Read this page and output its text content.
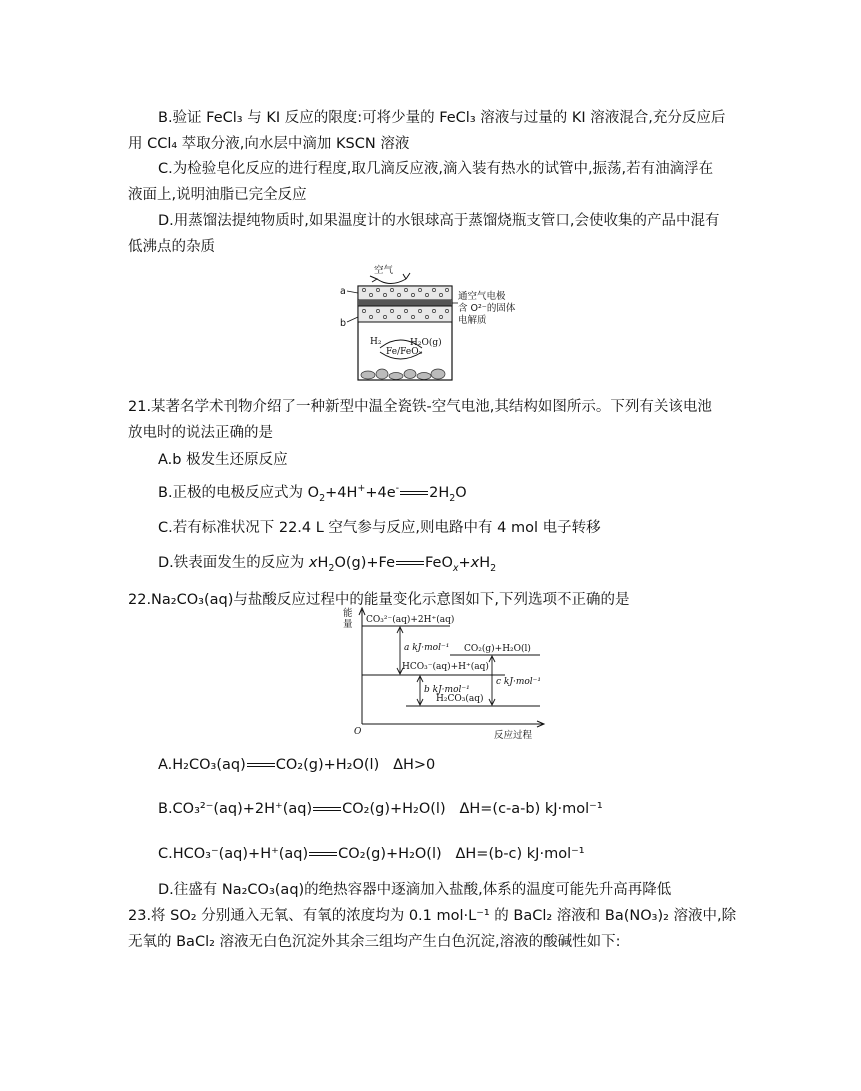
B.验证 FeCl₃ 与 KI 反应的限度:可将少量的 FeCl₃ 溶液与过量的 KI 溶液混合,充分反应后
用 CCl₄ 萃取分液,向水层中滴加 KSCN 溶液
C.为检验皂化反应的进行程度,取几滴反应液,滴入装有热水的试管中,振荡,若有油滴浮在
液面上,说明油脂已完全反应
D.用蒸馏法提纯物质时,如果温度计的水银球高于蒸馏烧瓶支管口,会使收集的产品中混有
低沸点的杂质
空气
a
b
通空气电极
含 O²⁻的固体
电解质
H₂	H₂O(g)
Fe/FeOₓ
21.某著名学术刊物介绍了一种新型中温全瓷铁-空气电池,其结构如图所示。下列有关该电池
放电时的说法正确的是
A.b 极发生还原反应
B.正极的电极反应式为 $O_2+4H^++4e^-$ $2H_2O$
C.若有标准状况下 22.4 L 空气参与反应,则电路中有 4 mol 电子转移
D.铁表面发生的反应为 $xH_2O(g)+Fe$ $FeO_x+xH_2$
22.Na₂CO₃(aq)与盐酸反应过程中的能量变化示意图如下,下列选项不正确的是
能
量
O	反应过程
CO₃²⁻(aq)+2H⁺(aq)
HCO₃⁻(aq)+H⁺(aq)
CO₂(g)+H₂O(l)
H₂CO₃(aq)
a kJ·mol⁻¹
b kJ·mol⁻¹
c kJ·mol⁻¹
A.H₂CO₃(aq) CO₂(g)+H₂O(l) ΔH>0
B.CO₃²⁻(aq)+2H⁺(aq) CO₂(g)+H₂O(l) ΔH=(c-a-b) kJ·mol⁻¹
C.HCO₃⁻(aq)+H⁺(aq) CO₂(g)+H₂O(l) ΔH=(b-c) kJ·mol⁻¹
D.往盛有 Na₂CO₃(aq)的绝热容器中逐滴加入盐酸,体系的温度可能先升高再降低
23.将 SO₂ 分别通入无氧、有氧的浓度均为 0.1 mol·L⁻¹ 的 BaCl₂ 溶液和 Ba(NO₃)₂ 溶液中,除
无氧的 BaCl₂ 溶液无白色沉淀外其余三组均产生白色沉淀,溶液的酸碱性如下:
